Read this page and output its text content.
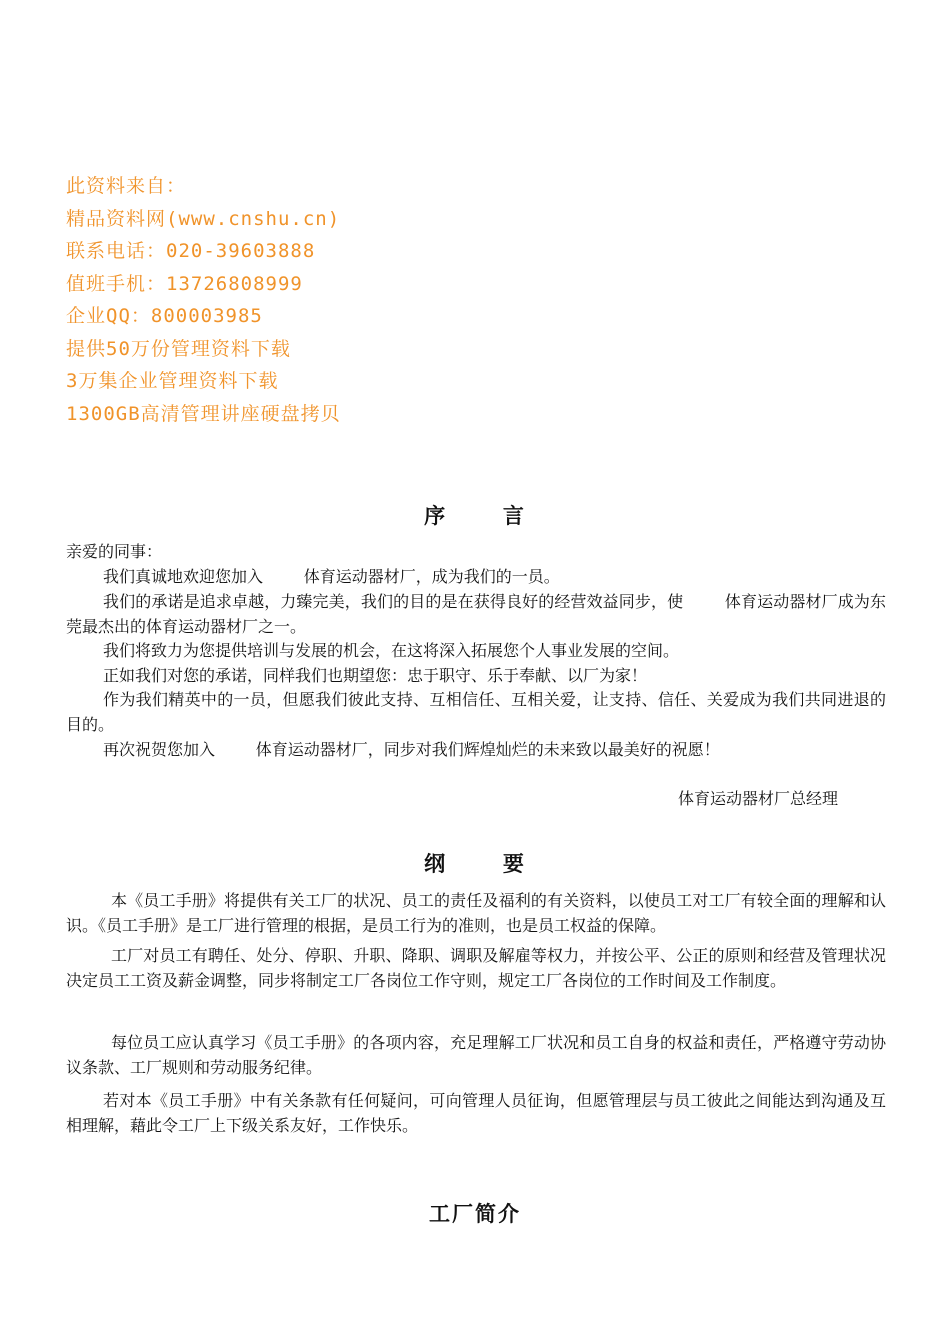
此资料来自：
精品资料网(www.cnshu.cn)
联系电话：020-39603888
值班手机：13726808999
企业QQ：800003985
提供50万份管理资料下载
3万集企业管理资料下载
1300GB高清管理讲座硬盘拷贝
序      言
亲爱的同事：
我们真诚地欢迎您加入        体育运动器材厂，成为我们的一员。
我们的承诺是追求卓越，力臻完美，我们的目的是在获得良好的经营效益同步，使        体育运动器材厂成为东莞最杰出的体育运动器材厂之一。
我们将致力为您提供培训与发展的机会，在这将深入拓展您个人事业发展的空间。
正如我们对您的承诺，同样我们也期望您：忠于职守、乐于奉献、以厂为家！
作为我们精英中的一员，但愿我们彼此支持、互相信任、互相关爱，让支持、信任、关爱成为我们共同进退的目的。
再次祝贺您加入        体育运动器材厂，同步对我们辉煌灿烂的未来致以最美好的祝愿！
体育运动器材厂总经理
纲      要
本《员工手册》将提供有关工厂的状况、员工的责任及福利的有关资料，以使员工对工厂有较全面的理解和认识。《员工手册》是工厂进行管理的根据，是员工行为的准则，也是员工权益的保障。
工厂对员工有聘任、处分、停职、升职、降职、调职及解雇等权力，并按公平、公正的原则和经营及管理状况决定员工工资及薪金调整，同步将制定工厂各岗位工作守则，规定工厂各岗位的工作时间及工作制度。
每位员工应认真学习《员工手册》的各项内容，充足理解工厂状况和员工自身的权益和责任，严格遵守劳动协议条款、工厂规则和劳动服务纪律。
若对本《员工手册》中有关条款有任何疑问，可向管理人员征询，但愿管理层与员工彼此之间能达到沟通及互相理解，藉此令工厂上下级关系友好，工作快乐。
工厂简介
